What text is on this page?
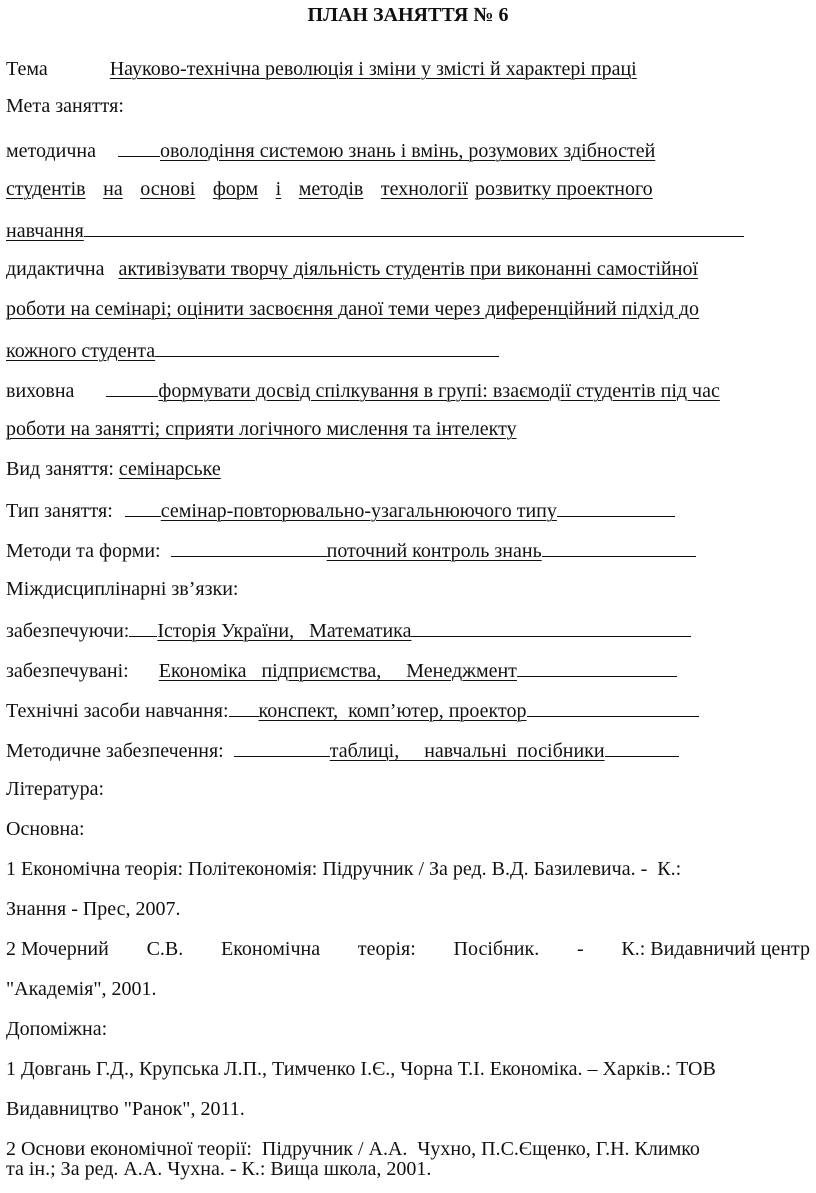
ПЛАН ЗАНЯТТЯ № 6
Тема	Науково-технічна революція і зміни у змісті й характері праці
Мета заняття:
методична	оволодіння системою знань і вмінь, розумових здібностей
студентів на основі форм і методів технології розвитку проектного
навчання
дидактична активізувати творчу діяльність студентів при виконанні самостійної
роботи на семінарі; оцінити засвоєння даної теми через диференційний підхід до
кожного студента
виховна	формувати досвід спілкування в групі: взаємодії студентів під час
роботи на занятті; сприяти логічного мислення та інтелекту
Вид заняття: семінарське
Тип заняття: семінар-повторювально-узагальнюючого типу
Методи та форми:	поточний контроль знань
Міждисциплінарні зв’язки:
забезпечуючи: Історія України,   Математика
забезпечувані: Економіка   підприємства,     Менеджмент
Технічні засоби навчання: конспект,  комп’ютер, проектор
Методичне забезпечення:	таблиці,     навчальні  посібники
Література:
Основна:
1 Економічна теорія: Політекономія: Підручник / За ред. В.Д. Базилевича. -  К.:
Знання - Прес, 2007.
2 Мочерний С.В. Економічна теорія: Посібник. - К.: Видавничий центр
"Академія", 2001.
Допоміжна:
1 Довгань Г.Д., Крупська Л.П., Тимченко І.Є., Чорна Т.І. Економіка. – Харків.: ТОВ
Видавництво "Ранок", 2011.
2 Основи економічної теорії:  Підручник / А.А.  Чухно, П.С.Єщенко, Г.Н. Климко
та ін.; За ред. А.А. Чухна. - К.: Вища школа, 2001.
